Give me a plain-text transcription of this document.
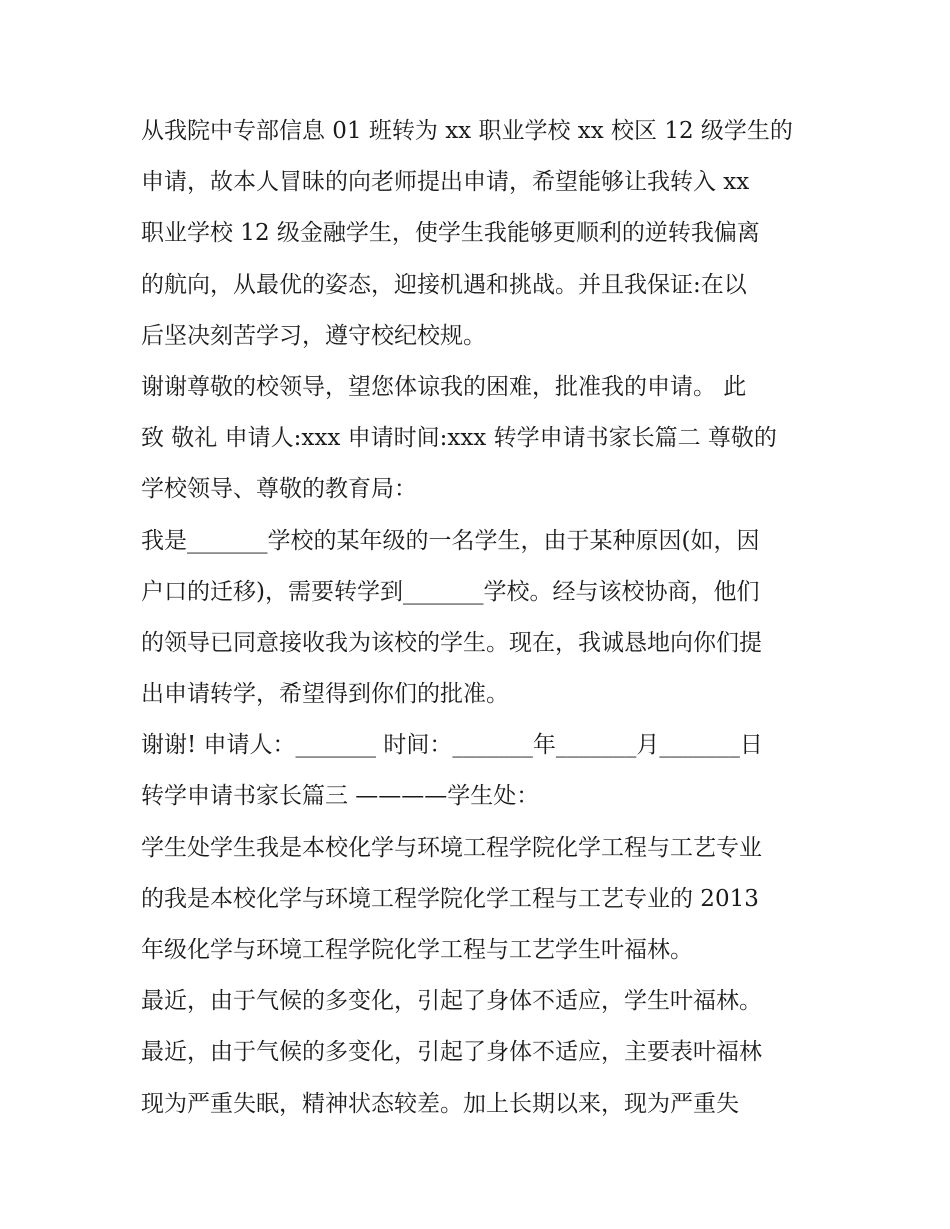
从我院中专部信息 01 班转为 xx 职业学校 xx 校区 12 级学生的
申请，故本人冒昧的向老师提出申请，希望能够让我转入 xx
职业学校 12 级金融学生，使学生我能够更顺利的逆转我偏离
的航向，从最优的姿态，迎接机遇和挑战。并且我保证:在以
后坚决刻苦学习，遵守校纪校规。
谢谢尊敬的校领导，望您体谅我的困难，批准我的申请。 此
致 敬礼 申请人:xxx 申请时间:xxx 转学申请书家长篇二 尊敬的
学校领导、尊敬的教育局：
我是_______学校的某年级的一名学生，由于某种原因(如，因
户口的迁移)，需要转学到_______学校。经与该校协商，他们
的领导已同意接收我为该校的学生。现在，我诚恳地向你们提
出申请转学，希望得到你们的批准。
谢谢! 申请人：_______ 时间：_______年_______月_______日
转学申请书家长篇三 ————学生处：
学生处学生我是本校化学与环境工程学院化学工程与工艺专业
的我是本校化学与环境工程学院化学工程与工艺专业的 2013
年级化学与环境工程学院化学工程与工艺学生叶福林。
最近，由于气候的多变化，引起了身体不适应，学生叶福林。
最近，由于气候的多变化，引起了身体不适应，主要表叶福林
现为严重失眠，精神状态较差。加上长期以来，现为严重失
